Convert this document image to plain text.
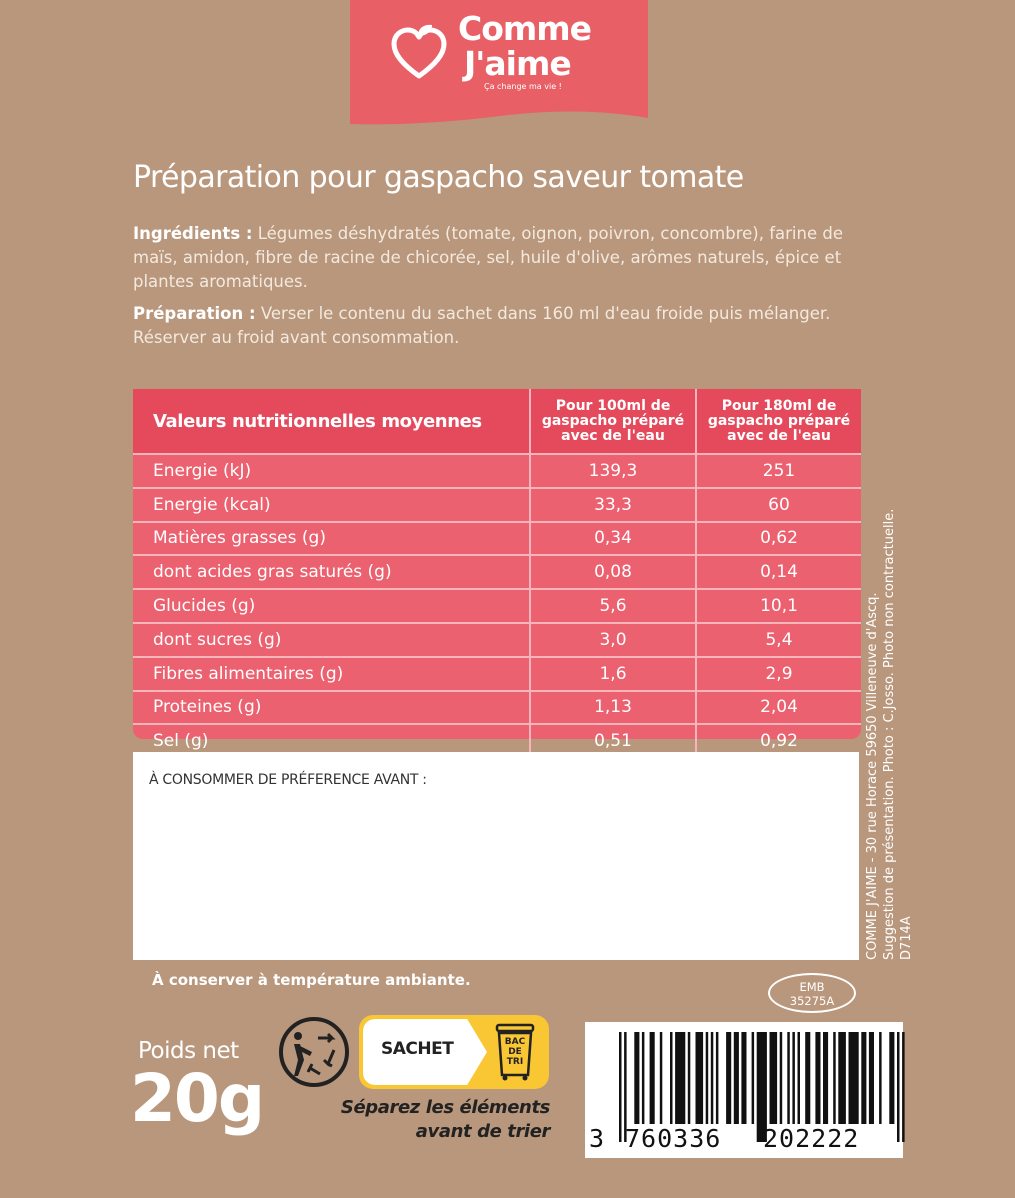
Comme
J'aime
Ça change ma vie !
Préparation pour gaspacho saveur tomate
Ingrédients : Légumes déshydratés (tomate, oignon, poivron, concombre), farine de maïs, amidon, fibre de racine de chicorée, sel, huile d'olive, arômes naturels, épice et plantes aromatiques.
Préparation : Verser le contenu du sachet dans 160 ml d'eau froide puis mélanger. Réserver au froid avant consommation.
Valeurs nutritionnelles moyennes	Pour 100ml de gaspacho préparé avec de l'eau	Pour 180ml de gaspacho préparé avec de l'eau
Energie (kJ)	139,3	251
Energie (kcal)	33,3	60
Matières grasses (g)	0,34	0,62
dont acides gras saturés (g)	0,08	0,14
Glucides (g)	5,6	10,1
dont sucres (g)	3,0	5,4
Fibres alimentaires (g)	1,6	2,9
Proteines (g)	1,13	2,04
Sel (g)	0,51	0,92
À CONSOMMER DE PRÉFERENCE AVANT :
À conserver à température ambiante.
COMME J'AIME - 30 rue Horace 59650 Villeneuve d'Ascq. Suggestion de présentation. Photo : C.Josso. Photo non contractuelle. D714A
EMB
35275A
Poids net
20g
SACHET	BAC DE TRI
Séparez les éléments
avant de trier 3 760336 202222
